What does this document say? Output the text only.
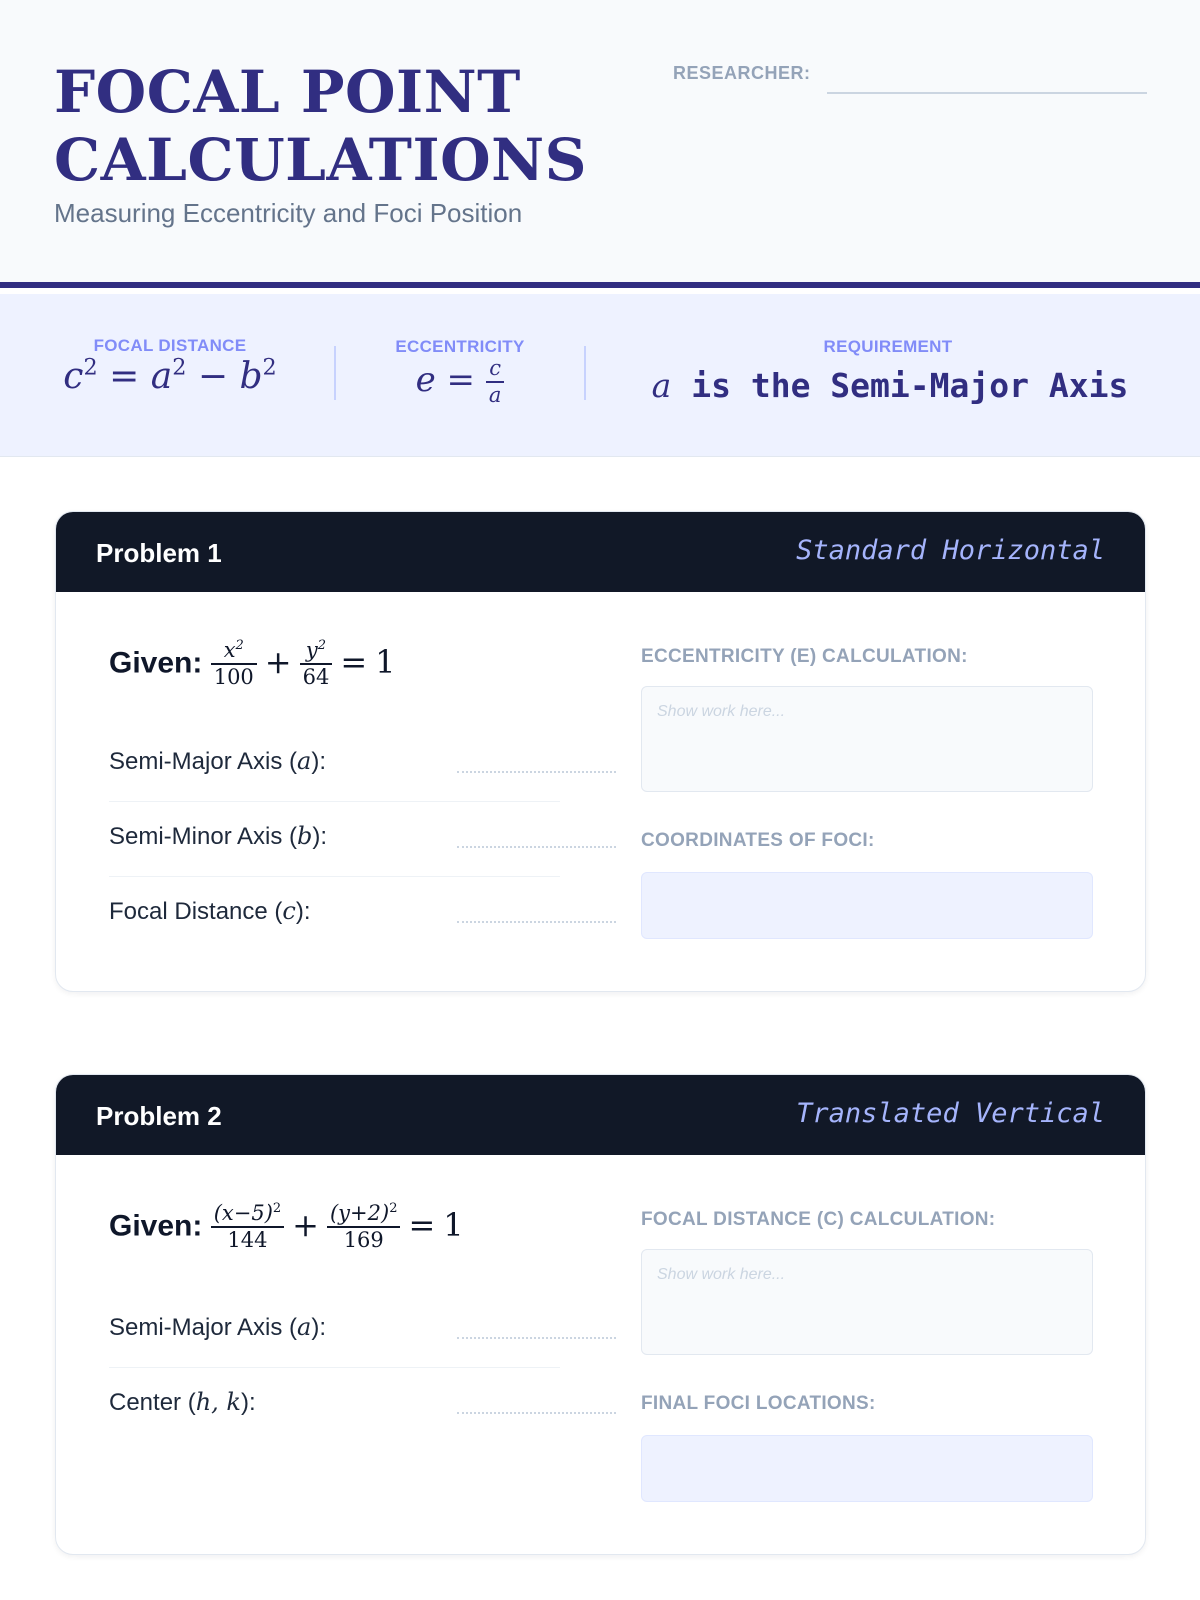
FOCAL POINT
CALCULATIONS
Measuring Eccentricity and Foci Position
RESEARCHER:
FOCAL DISTANCE
$c^2 = a^2 - b^2$
ECCENTRICITY
$e = \frac{c}{a}$
REQUIREMENT
a is the Semi-Major Axis
Problem 1	Standard Horizontal
Given: $\frac{x^2}{100} + \frac{y^2}{64} = 1$
Semi-Major Axis (a):
Semi-Minor Axis (b):
Focal Distance (c):
ECCENTRICITY (E) CALCULATION:
Show work here...
COORDINATES OF FOCI:
Problem 2	Translated Vertical
Given: $\frac{(x-5)^2}{144} + \frac{(y+2)^2}{169} = 1$
Semi-Major Axis (a):
Center (h, k):
FOCAL DISTANCE (C) CALCULATION:
Show work here...
FINAL FOCI LOCATIONS:
